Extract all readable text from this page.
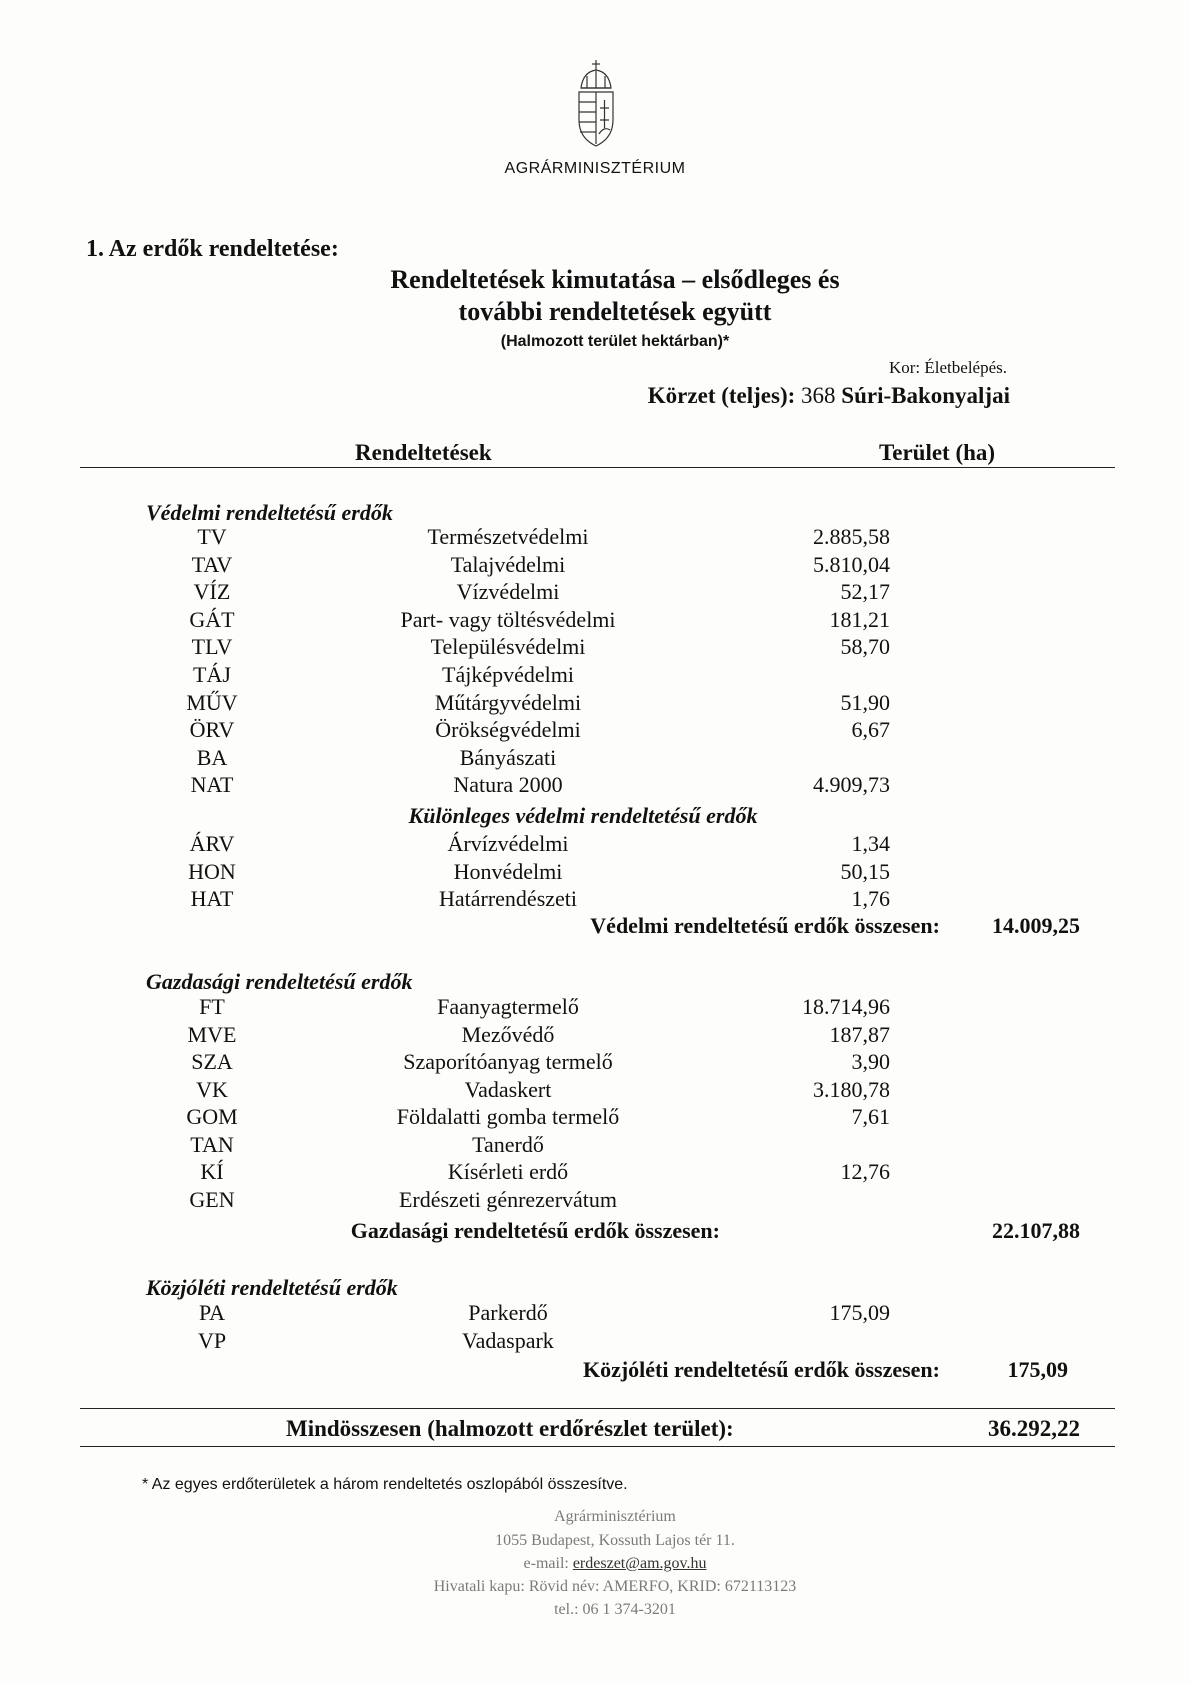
AGRÁRMINISZTÉRIUM
1. Az erdők rendeltetése:
Rendeltetések kimutatása – elsődleges és
további rendeltetések együtt
(Halmozott terület hektárban)*
Kor: Életbelépés.
Körzet (teljes): 368 Súri-Bakonyaljai
Rendeltetések	Terület (ha)
Védelmi rendeltetésű erdők
TV	Természetvédelmi	2.885,58
TAV	Talajvédelmi	5.810,04
VÍZ	Vízvédelmi	52,17
GÁT	Part- vagy töltésvédelmi	181,21
TLV	Településvédelmi	58,70
TÁJ	Tájképvédelmi
MŰV	Műtárgyvédelmi	51,90
ÖRV	Örökségvédelmi	6,67
BA	Bányászati
NAT	Natura 2000	4.909,73
Különleges védelmi rendeltetésű erdők
ÁRV	Árvízvédelmi	1,34
HON	Honvédelmi	50,15
HAT	Határrendészeti	1,76
Védelmi rendeltetésű erdők összesen:	14.009,25
Gazdasági rendeltetésű erdők
FT	Faanyagtermelő	18.714,96
MVE	Mezővédő	187,87
SZA	Szaporítóanyag termelő	3,90
VK	Vadaskert	3.180,78
GOM	Földalatti gomba termelő	7,61
TAN	Tanerdő
KÍ	Kísérleti erdő	12,76
GEN	Erdészeti génrezervátum
Gazdasági rendeltetésű erdők összesen:	22.107,88
Közjóléti rendeltetésű erdők
PA	Parkerdő	175,09
VP	Vadaspark
Közjóléti rendeltetésű erdők összesen:	175,09
Mindösszesen (halmozott erdőrészlet terület):	36.292,22
* Az egyes erdőterületek a három rendeltetés oszlopából összesítve.
Agrárminisztérium
1055 Budapest, Kossuth Lajos tér 11.
e-mail: erdeszet@am.gov.hu
Hivatali kapu: Rövid név: AMERFO, KRID: 672113123
tel.: 06 1 374-3201
